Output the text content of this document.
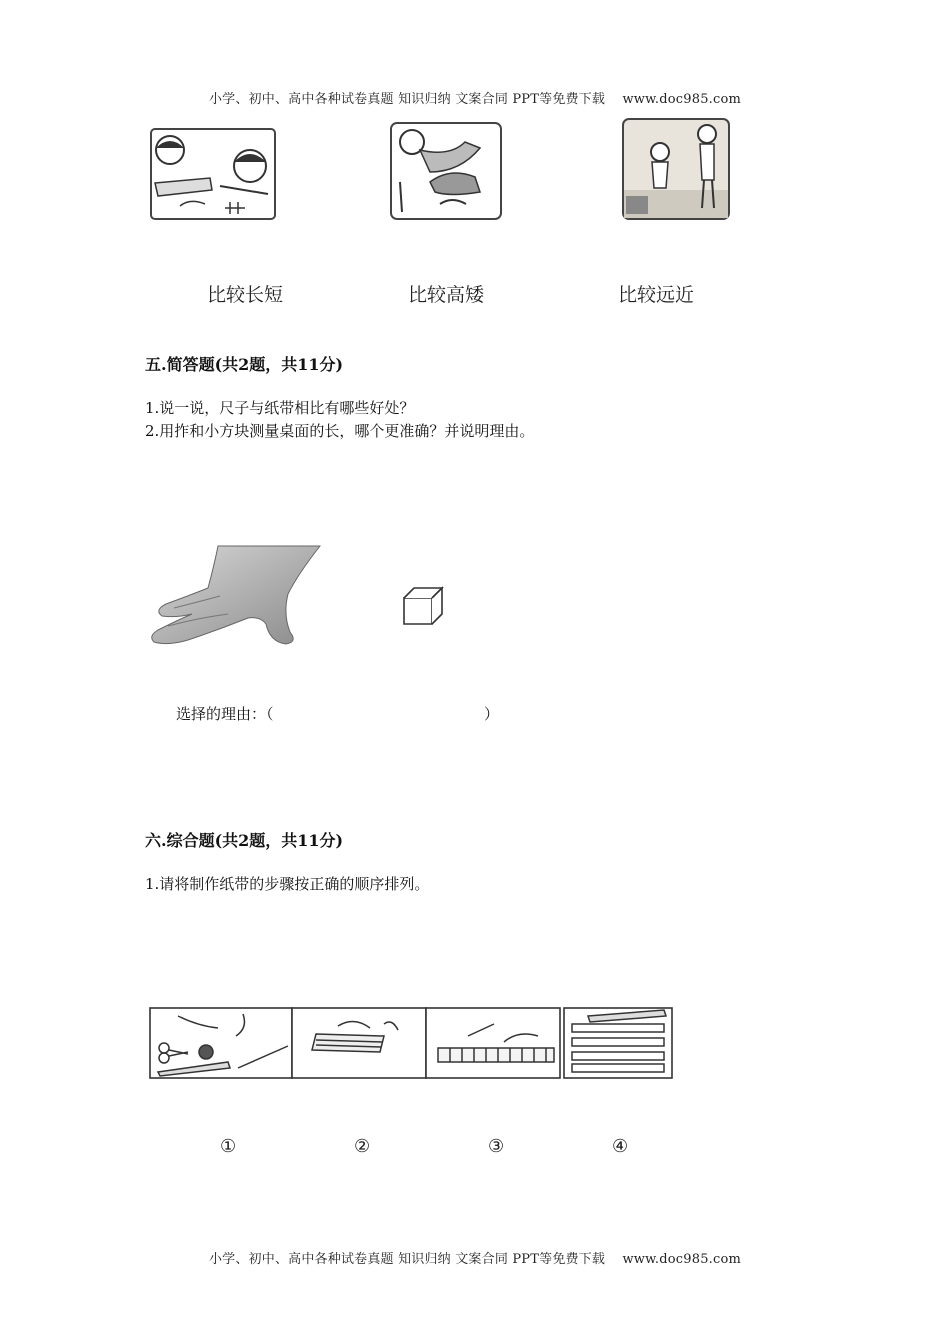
小学、初中、高中各种试卷真题 知识归纳 文案合同 PPT等免费下载    www.doc985.com
比较长短	比较高矮	比较远近
五.简答题(共2题，共11分)
1.说一说，尺子与纸带相比有哪些好处？
2.用拃和小方块测量桌面的长，哪个更准确？并说明理由。
选择的理由：（	）
六.综合题(共2题，共11分)
1.请将制作纸带的步骤按正确的顺序排列。
①	②	③	④
小学、初中、高中各种试卷真题 知识归纳 文案合同 PPT等免费下载    www.doc985.com
